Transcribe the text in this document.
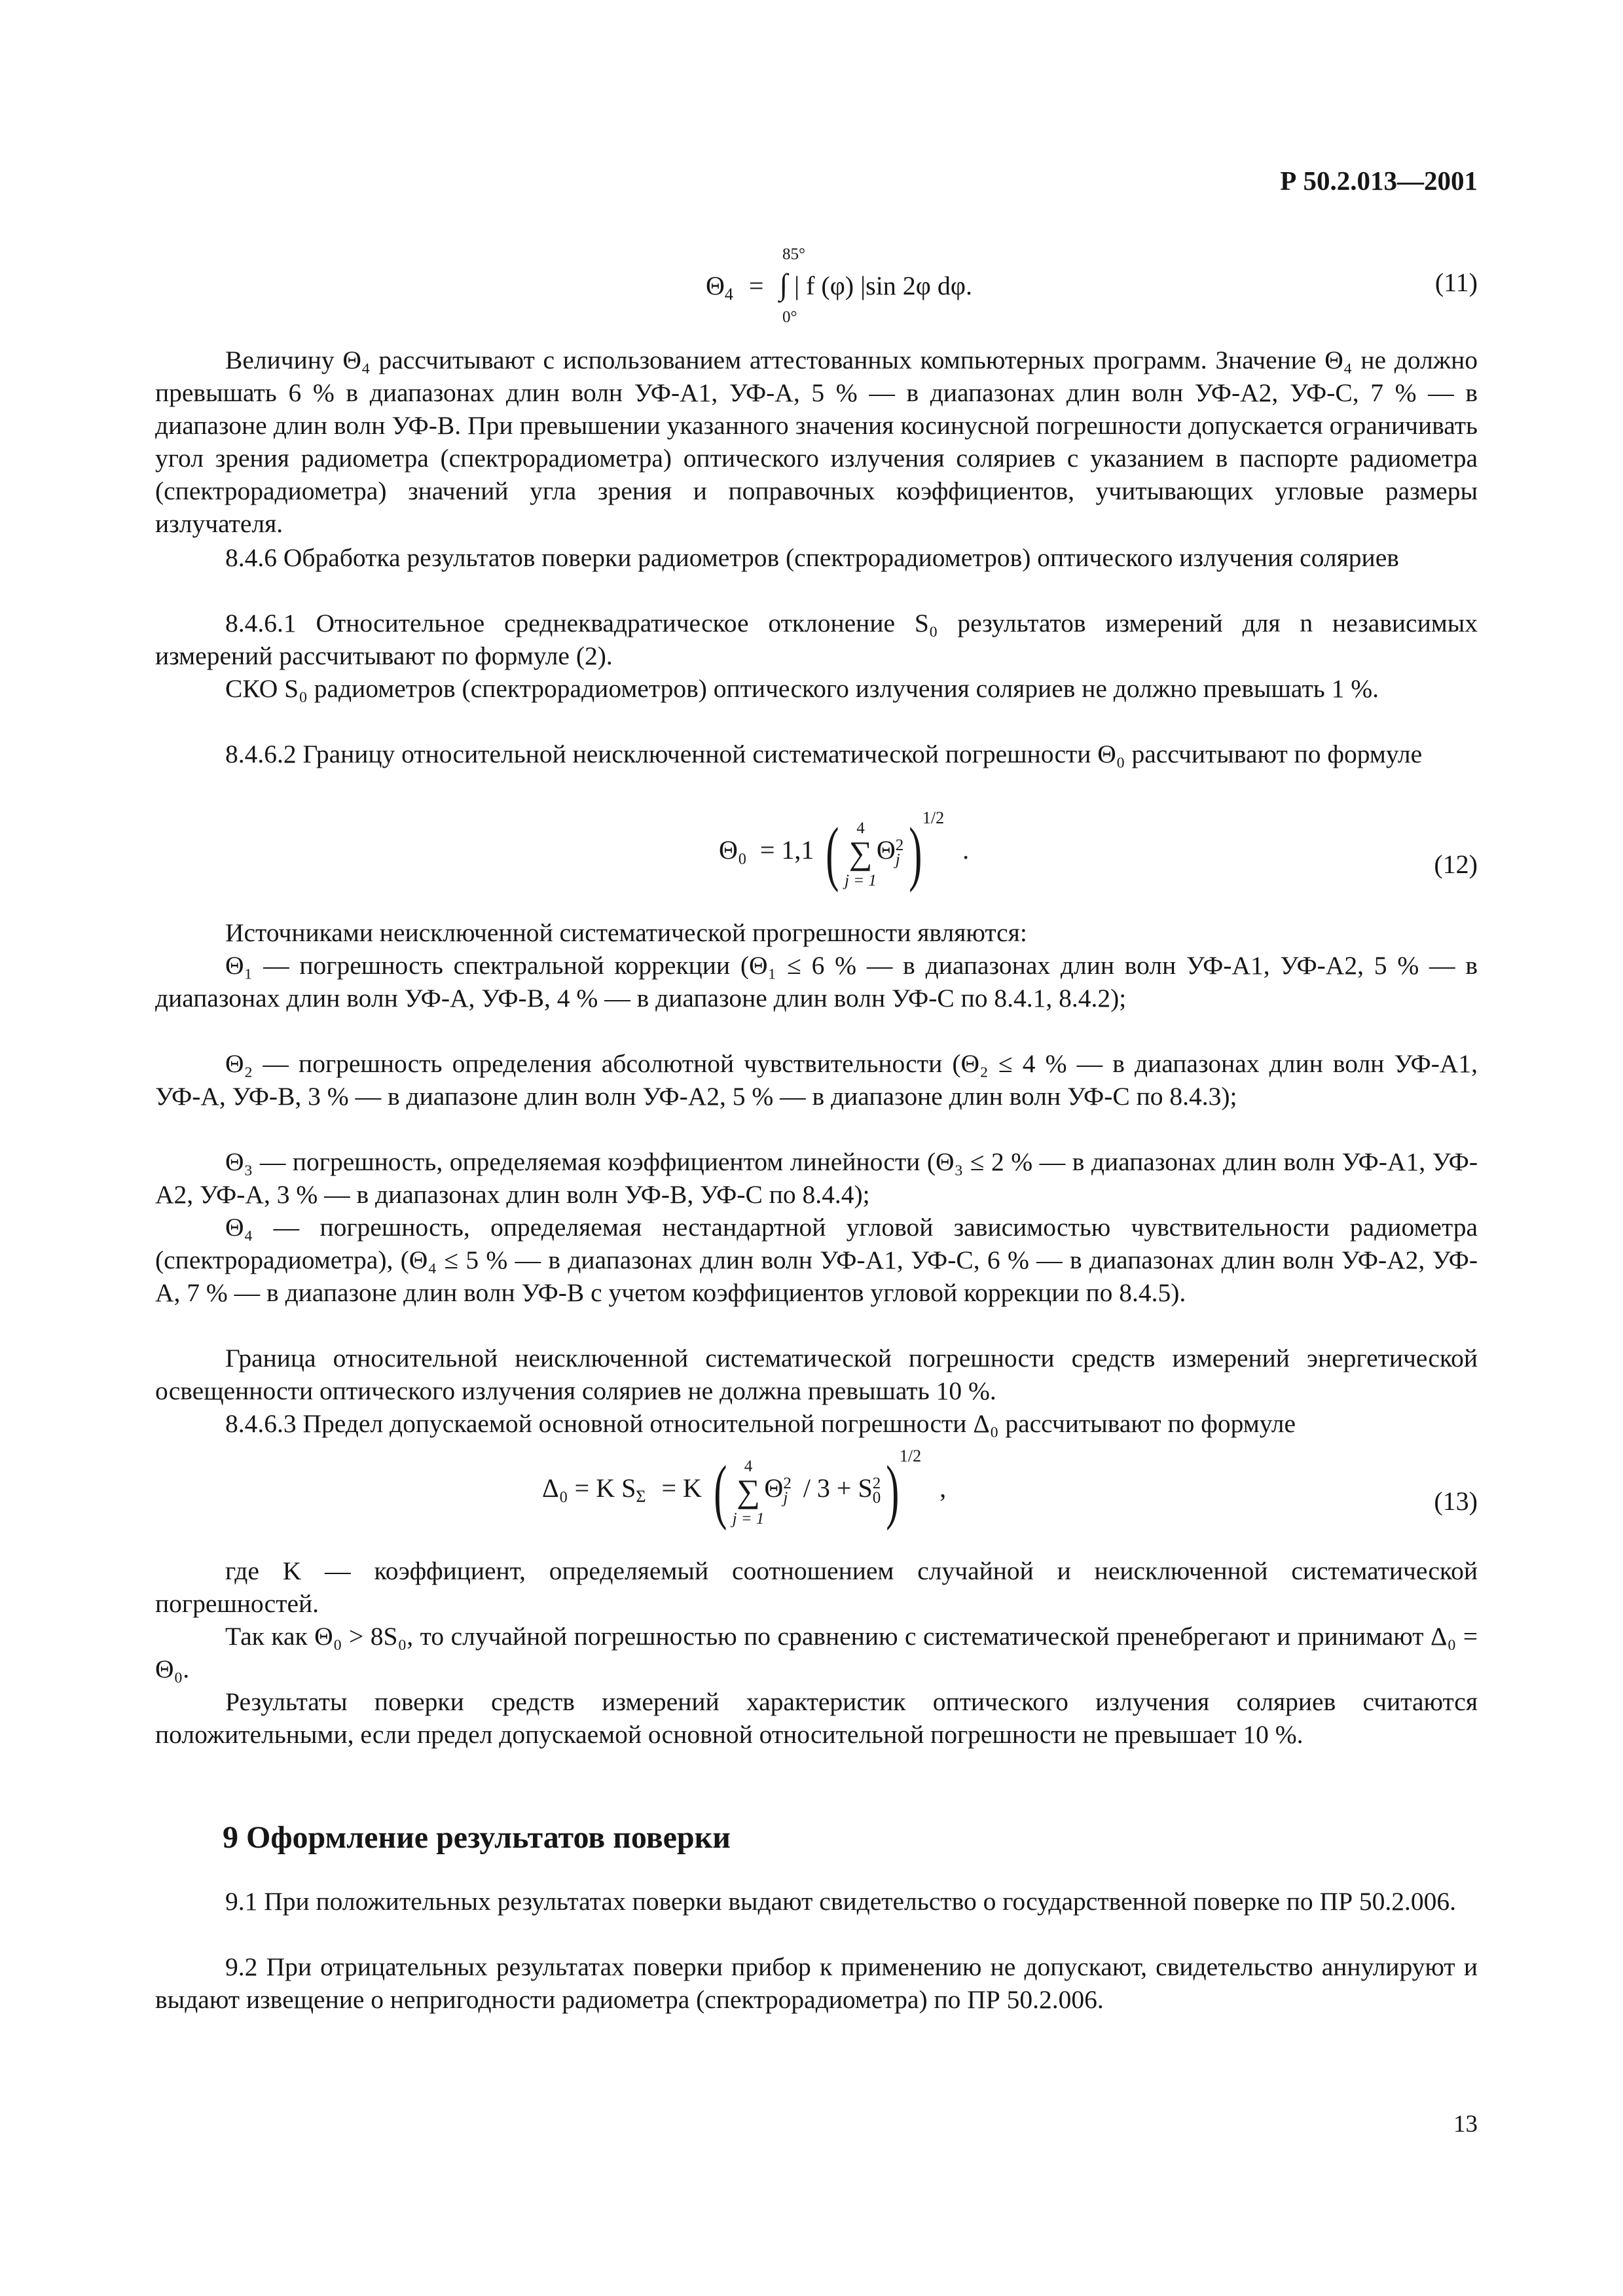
Р 50.2.013—2001
85°
0°
$\Theta_4$ = ∫ | f (φ) |sin 2φ dφ.	(11)

Величину Θ₄ рассчитывают с использованием аттестованных компьютерных программ. Значение Θ₄ не должно превышать 6 % в диапазонах длин волн УФ-А1, УФ-А, 5 % — в диапазонах длин волн УФ-А2, УФ-С, 7 % — в диапазоне длин волн УФ-В. При превышении указанного значения косинусной погрешности допускается ограничивать угол зрения радиометра (спектрорадиометра) оптического излучения соляриев с указанием в паспорте радиометра (спектрорадиометра) значений угла зрения и поправочных коэффициентов, учитывающих угловые размеры излучателя.

8.4.6 Обработка результатов поверки радиометров (спектрорадиометров) оптического излучения соляриев

8.4.6.1 Относительное среднеквадратическое отклонение S₀ результатов измерений для n независимых измерений рассчитывают по формуле (2).

СКО S₀ радиометров (спектрорадиометров) оптического излучения соляриев не должно превышать 1 %.

8.4.6.2 Границу относительной неисключенной систематической погрешности Θ₀ рассчитывают по формуле

Θ₀ = 1,1 ( 4
∑
j = 1Θ 2
j )$^{1/2}$ .	(12)

Источниками неисключенной систематической прогрешности являются:

Θ₁ — погрешность спектральной коррекции (Θ₁ ≤ 6 % — в диапазонах длин волн УФ-А1, УФ-А2, 5 % — в диапазонах длин волн УФ-А, УФ-В, 4 % — в диапазоне длин волн УФ-С по 8.4.1, 8.4.2);

Θ₂ — погрешность определения абсолютной чувствительности (Θ₂ ≤ 4 % — в диапазонах длин волн УФ-А1, УФ-А, УФ-В, 3 % — в диапазоне длин волн УФ-А2, 5 % — в диапазоне длин волн УФ-С по 8.4.3);

Θ₃ — погрешность, определяемая коэффициентом линейности (Θ₃ ≤ 2 % — в диапазонах длин волн УФ-А1, УФ-А2, УФ-А, 3 % — в диапазонах длин волн УФ-В, УФ-С по 8.4.4);

Θ₄ — погрешность, определяемая нестандартной угловой зависимостью чувствительности радиометра (спектрорадиометра), (Θ₄ ≤ 5 % — в диапазонах длин волн УФ-А1, УФ-С, 6 % — в диапазонах длин волн УФ-А2, УФ-А, 7 % — в диапазоне длин волн УФ-В с учетом коэффициентов угловой коррекции по 8.4.5).

Граница относительной неисключенной систематической погрешности средств измерений энергетической освещенности оптического излучения соляриев не должна превышать 10 %.

8.4.6.3 Предел допускаемой основной относительной погрешности Δ₀ рассчитывают по формуле

Δ₀ = K $S_\Sigma = K$ ( 4
∑
j = 1Θ 2
j / 3 + S 2
0 )$^{1/2}$ ,	(13)

где K — коэффициент, определяемый соотношением случайной и неисключенной систематической погрешностей.

Так как Θ₀ > 8S₀, то случайной погрешностью по сравнению с систематической пренебрегают и принимают Δ₀ = Θ₀.

Результаты поверки средств измерений характеристик оптического излучения соляриев считаются положительными, если предел допускаемой основной относительной погрешности не превышает 10 %.

9 Оформление результатов поверки

9.1 При положительных результатах поверки выдают свидетельство о государственной поверке по ПР 50.2.006.

9.2 При отрицательных результатах поверки прибор к применению не допускают, свидетельство аннулируют и выдают извещение о непригодности радиометра (спектрорадиометра) по ПР 50.2.006.

13
